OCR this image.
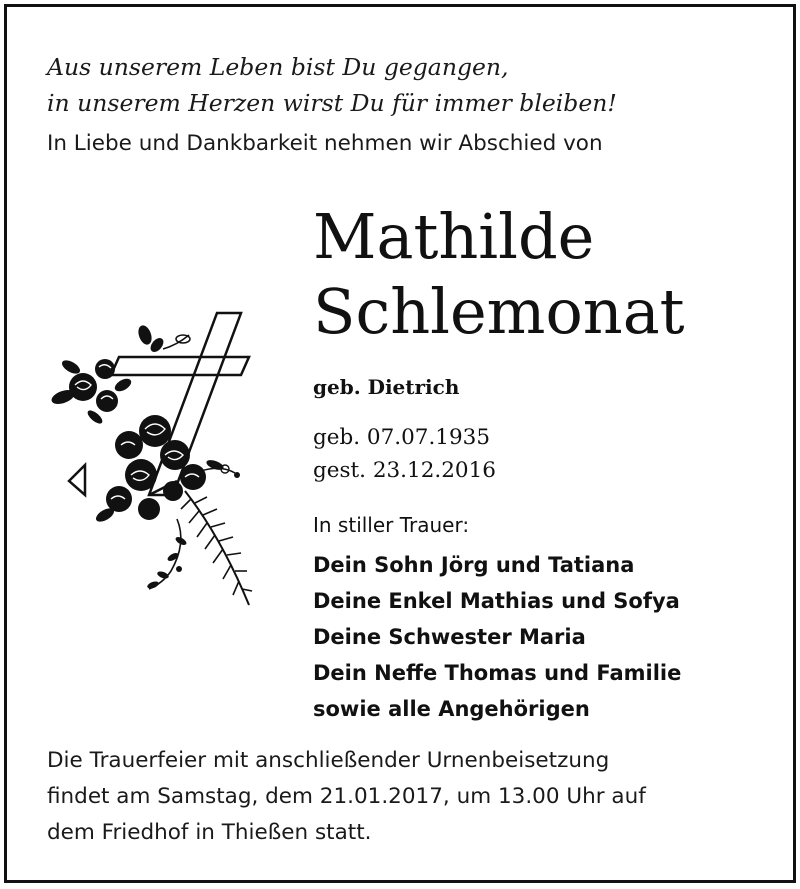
Aus unserem Leben bist Du gegangen,
in unserem Herzen wirst Du für immer bleiben!

In Liebe und Dankbarkeit nehmen wir Abschied von

Mathilde
Schlemonat

geb. Dietrich

geb. 07.07.1935
gest. 23.12.2016

In stiller Trauer:

Dein Sohn Jörg und Tatiana
Deine Enkel Mathias und Sofya
Deine Schwester Maria
Dein Neffe Thomas und Familie
sowie alle Angehörigen

Die Trauerfeier mit anschließender Urnenbeisetzung
findet am Samstag, dem 21.01.2017, um 13.00 Uhr auf
dem Friedhof in Thießen statt.
